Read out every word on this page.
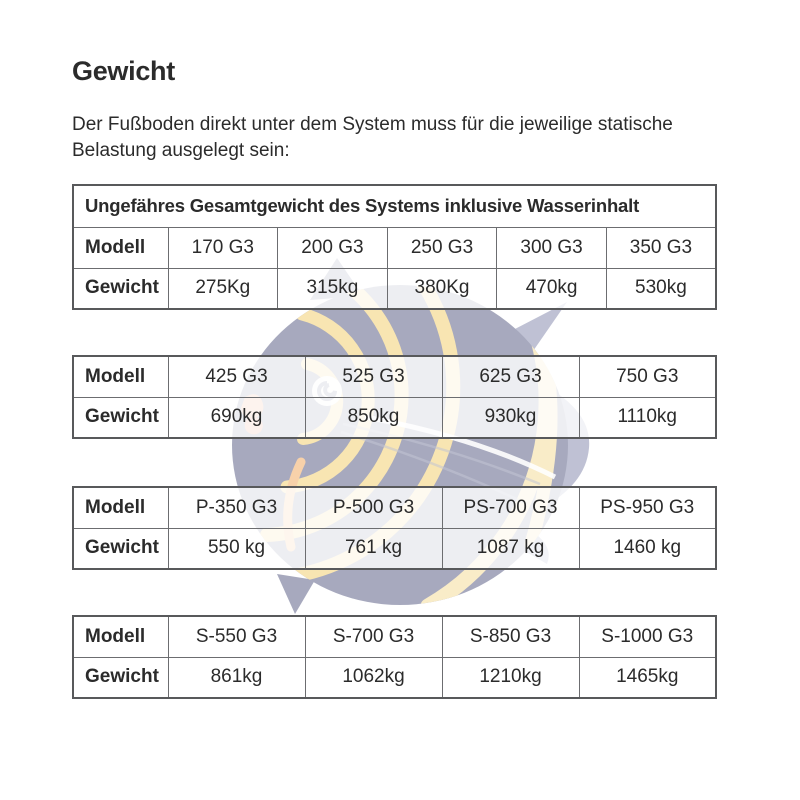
Gewicht

Der Fußboden direkt unter dem System muss für die jeweilige statische Belastung ausgelegt sein:

Ungefähres Gesamtgewicht des Systems inklusive Wasserinhalt					
Modell	170 G3	200 G3	250 G3	300 G3	350 G3
Gewicht	275Kg	315kg	380Kg	470kg	530kg
Modell	425 G3	525 G3	625 G3	750 G3
Gewicht	690kg	850kg	930kg	1110kg
Modell	P-350 G3	P-500 G3	PS-700 G3	PS-950 G3
Gewicht	550 kg	761 kg	1087 kg	1460 kg
Modell	S-550 G3	S-700 G3	S-850 G3	S-1000 G3
Gewicht	861kg	1062kg	1210kg	1465kg
